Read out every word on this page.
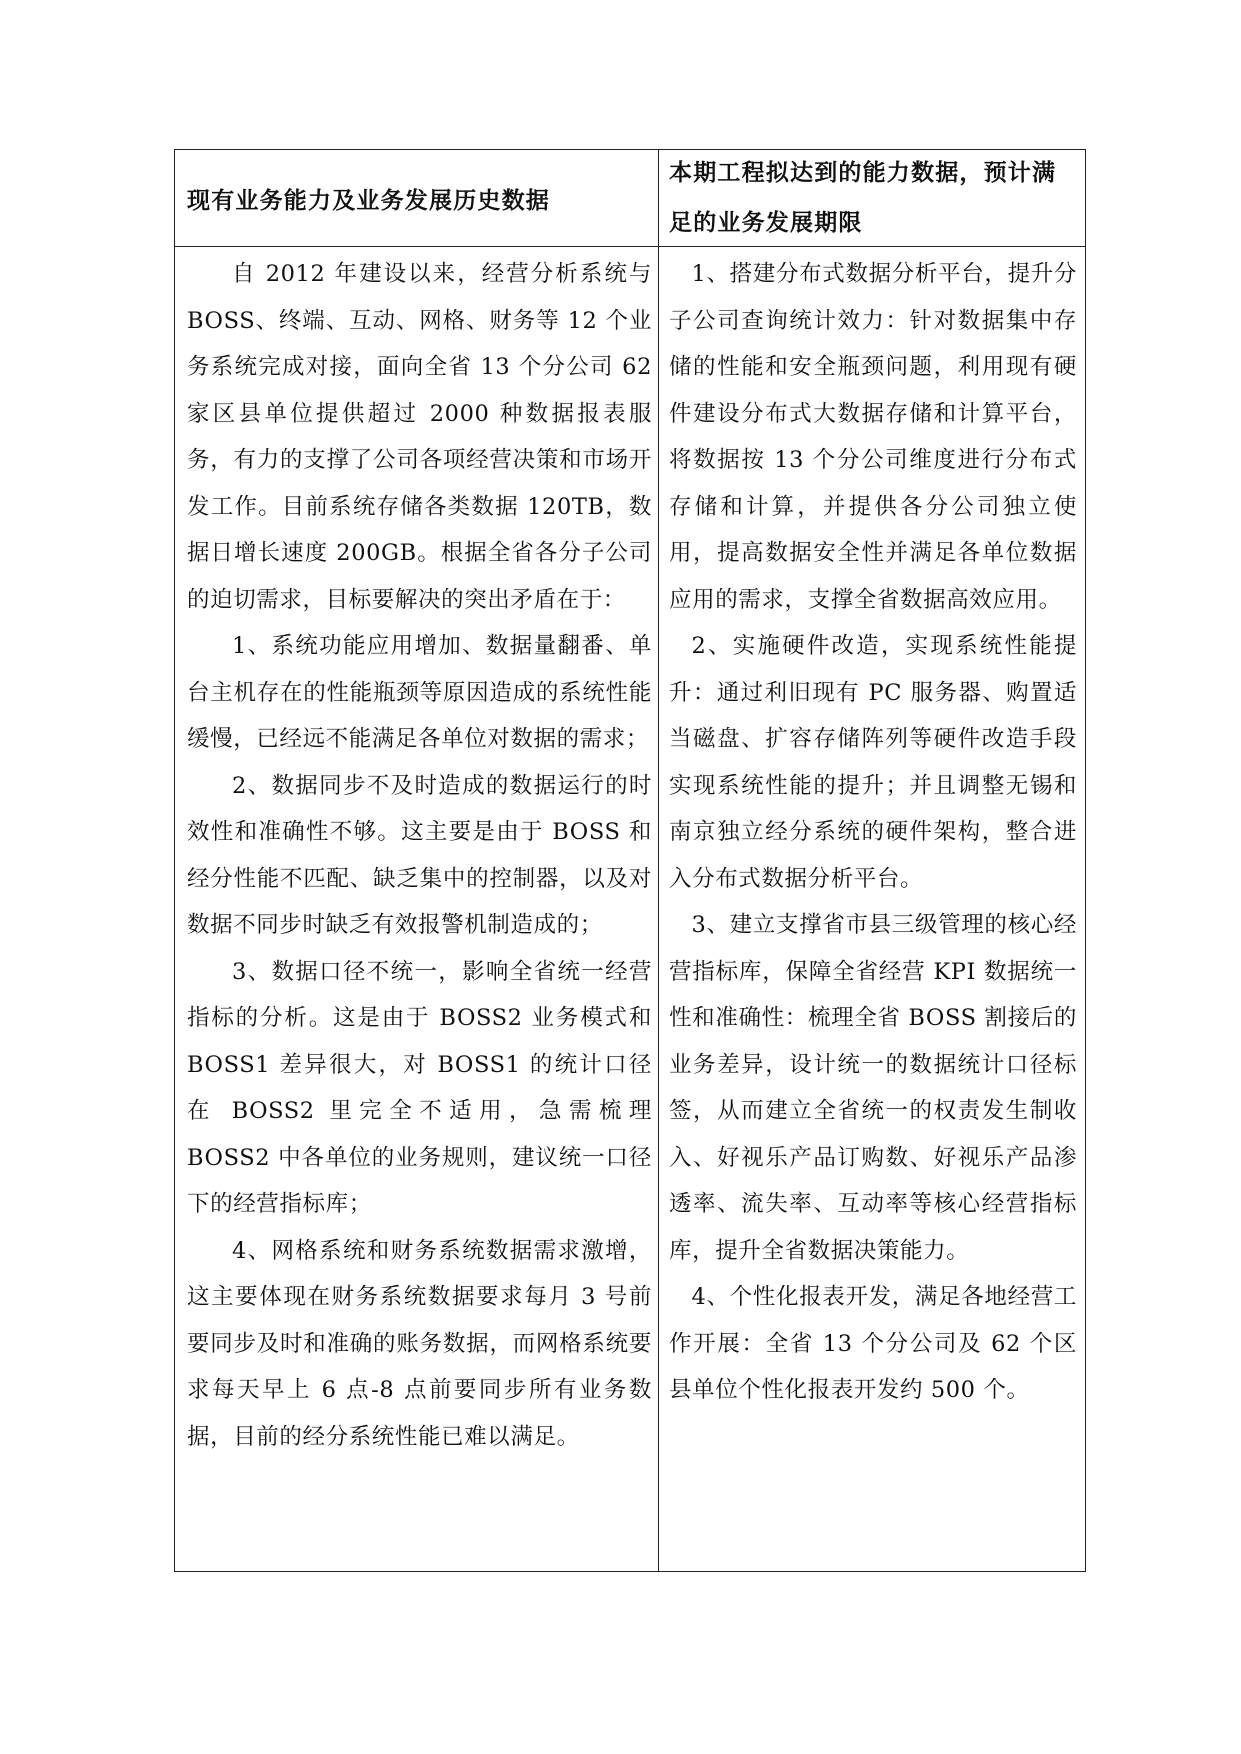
现有业务能力及业务发展历史数据
本期工程拟达到的能力数据，预计满足的业务发展期限

自 2012 年建设以来，经营分析系统与 BOSS、终端、互动、网格、财务等 12 个业务系统完成对接，面向全省 13 个分公司 62 家区县单位提供超过 2000 种数据报表服务，有力的支撑了公司各项经营决策和市场开发工作。目前系统存储各类数据 120TB，数据日增长速度 200GB。根据全省各分子公司的迫切需求，目标要解决的突出矛盾在于：

1、系统功能应用增加、数据量翻番、单台主机存在的性能瓶颈等原因造成的系统性能缓慢，已经远不能满足各单位对数据的需求；

2、数据同步不及时造成的数据运行的时效性和准确性不够。这主要是由于 BOSS 和经分性能不匹配、缺乏集中的控制器，以及对数据不同步时缺乏有效报警机制造成的；

3、数据口径不统一，影响全省统一经营指标的分析。这是由于 BOSS2 业务模式和 BOSS1 差异很大，对 BOSS1 的统计口径在 BOSS2 里完全不适用，急需梳理 BOSS2 中各单位的业务规则，建议统一口径下的经营指标库；

4、网格系统和财务系统数据需求激增，这主要体现在财务系统数据要求每月 3 号前要同步及时和准确的账务数据，而网格系统要求每天早上 6 点-8 点前要同步所有业务数据，目前的经分系统性能已难以满足。

1、搭建分布式数据分析平台，提升分子公司查询统计效力：针对数据集中存储的性能和安全瓶颈问题，利用现有硬件建设分布式大数据存储和计算平台，将数据按 13 个分公司维度进行分布式存储和计算，并提供各分公司独立使用，提高数据安全性并满足各单位数据应用的需求，支撑全省数据高效应用。

2、实施硬件改造，实现系统性能提升：通过利旧现有 PC 服务器、购置适当磁盘、扩容存储阵列等硬件改造手段实现系统性能的提升；并且调整无锡和南京独立经分系统的硬件架构，整合进入分布式数据分析平台。

3、建立支撑省市县三级管理的核心经营指标库，保障全省经营 KPI 数据统一性和准确性：梳理全省 BOSS 割接后的业务差异，设计统一的数据统计口径标签，从而建立全省统一的权责发生制收入、好视乐产品订购数、好视乐产品渗透率、流失率、互动率等核心经营指标库，提升全省数据决策能力。

4、个性化报表开发，满足各地经营工作开展：全省 13 个分公司及 62 个区县单位个性化报表开发约 500 个。
